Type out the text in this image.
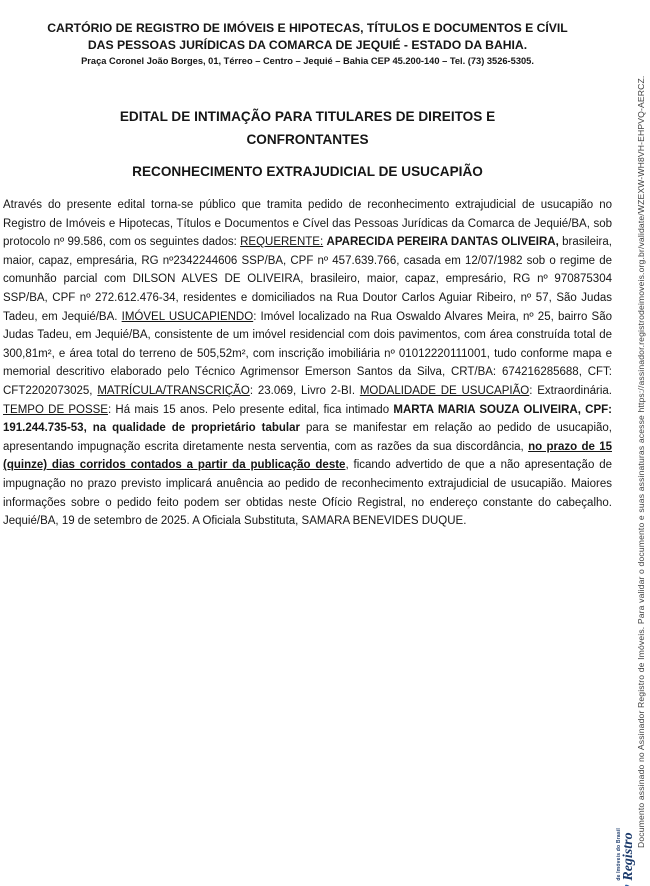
CARTÓRIO DE REGISTRO DE IMÓVEIS E HIPOTECAS, TÍTULOS E DOCUMENTOS E CÍVIL
DAS PESSOAS JURÍDICAS DA COMARCA DE JEQUIÉ - ESTADO DA BAHIA.
Praça Coronel João Borges, 01, Térreo – Centro – Jequié – Bahia CEP 45.200-140 – Tel. (73) 3526-5305.
EDITAL DE INTIMAÇÃO PARA TITULARES DE DIREITOS E
CONFRONTANTES
RECONHECIMENTO EXTRAJUDICIAL DE USUCAPIÃO

Através do presente edital torna-se público que tramita pedido de reconhecimento extrajudicial de usucapião no Registro de Imóveis e Hipotecas, Títulos e Documentos e Cível das Pessoas Jurídicas da Comarca de Jequié/BA, sob protocolo nº 99.586, com os seguintes dados: REQUERENTE: APARECIDA PEREIRA DANTAS OLIVEIRA, brasileira, maior, capaz, empresária, RG nº2342244606 SSP/BA, CPF nº 457.639.766, casada em 12/07/1982 sob o regime de comunhão parcial com DILSON ALVES DE OLIVEIRA, brasileiro, maior, capaz, empresário, RG nº 970875304 SSP/BA, CPF nº 272.612.476-34, residentes e domiciliados na Rua Doutor Carlos Aguiar Ribeiro, nº 57, São Judas Tadeu, em Jequié/BA. IMÓVEL USUCAPIENDO: Imóvel localizado na Rua Oswaldo Alvares Meira, nº 25, bairro São Judas Tadeu, em Jequié/BA, consistente de um imóvel residencial com dois pavimentos, com área construída total de 300,81m², e área total do terreno de 505,52m², com inscrição imobiliária nº 01012220111001, tudo conforme mapa e memorial descritivo elaborado pelo Técnico Agrimensor Emerson Santos da Silva, CRT/BA: 674216285688, CFT: CFT2202073025, MATRÍCULA/TRANSCRIÇÃO: 23.069, Livro 2-BI. MODALIDADE DE USUCAPIÃO: Extraordinária. TEMPO DE POSSE: Há mais 15 anos. Pelo presente edital, fica intimado MARTA MARIA SOUZA OLIVEIRA, CPF: 191.244.735-53, na qualidade de proprietário tabular para se manifestar em relação ao pedido de usucapião, apresentando impugnação escrita diretamente nesta serventia, com as razões da sua discordância, no prazo de 15 (quinze) dias corridos contados a partir da publicação deste, ficando advertido de que a não apresentação de impugnação no prazo previsto implicará anuência ao pedido de reconhecimento extrajudicial de usucapião. Maiores informações sobre o pedido feito podem ser obtidas neste Ofício Registral, no endereço constante do cabeçalho. Jequié/BA, 19 de setembro de 2025. A Oficiala Substituta, SAMARA BENEVIDES DUQUE.	Documento assinado no Assinador Registro de Imóveis. Para validar o documento e suas assinaturas acesse https://assinador.registrodeimoveis.org.br/validate/WZEXW-WH8VH-EHPVQ-AERCZ.
de Imóveis do Brasil Registro
